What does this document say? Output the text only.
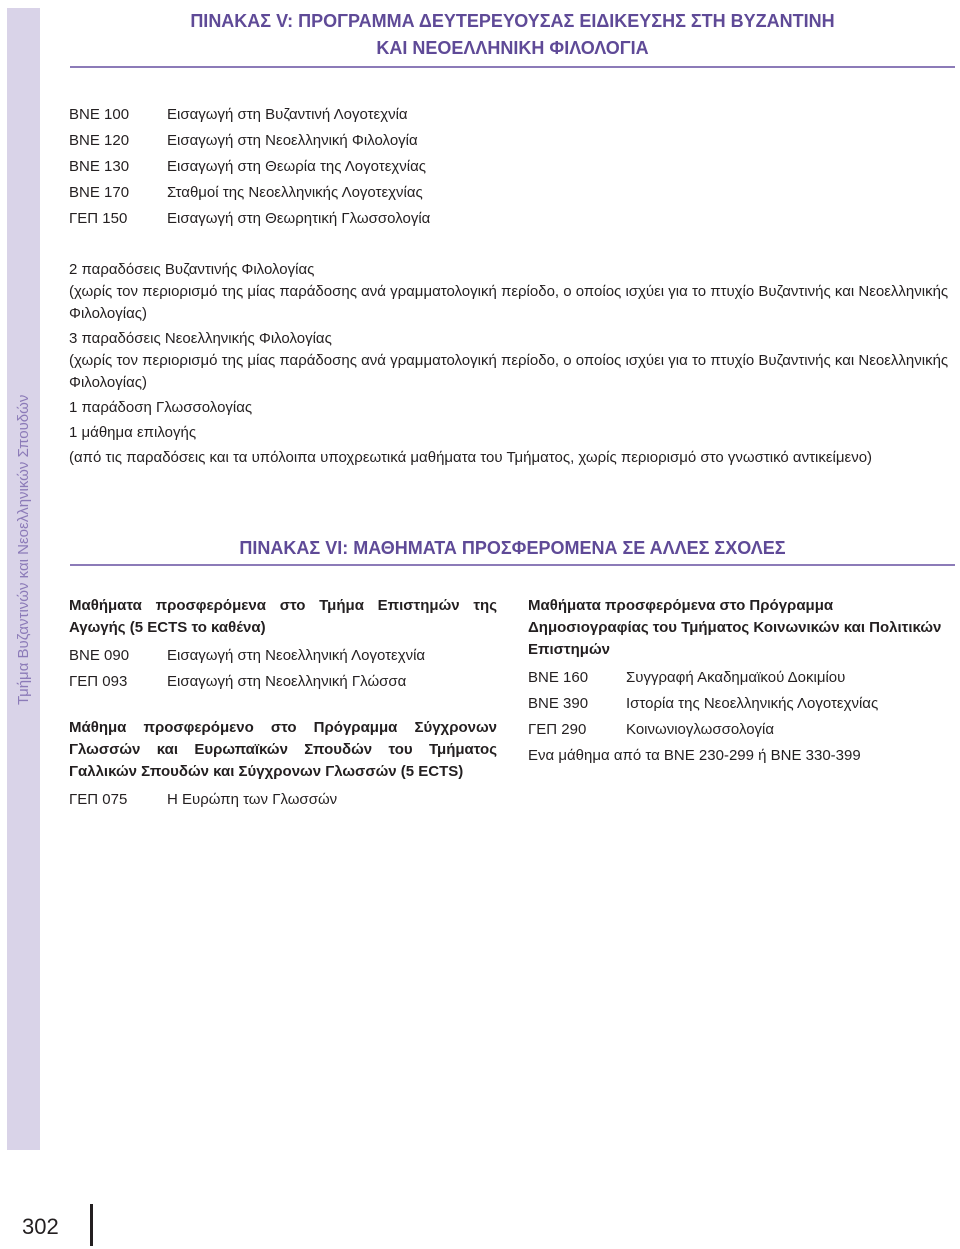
Τμήμα Βυζαντινών και Νεοελληνικών Σπουδών
ΠΙΝΑΚΑΣ V: ΠΡΟΓΡΑΜΜΑ ΔΕΥΤΕΡΕΥΟΥΣΑΣ ΕΙΔΙΚΕΥΣΗΣ ΣΤΗ ΒΥΖΑΝΤΙΝΗ
ΚΑΙ ΝΕΟΕΛΛΗΝΙΚΗ ΦΙΛΟΛΟΓΙΑ
ΒΝΕ 100	Εισαγωγή στη Βυζαντινή Λογοτεχνία
ΒΝΕ 120	Εισαγωγή στη Νεοελληνική Φιλολογία
ΒΝΕ 130	Εισαγωγή στη Θεωρία της Λογοτεχνίας
ΒΝΕ 170	Σταθμοί της Νεοελληνικής Λογοτεχνίας
ΓΕΠ 150	Εισαγωγή στη Θεωρητική Γλωσσολογία

2 παραδόσεις Βυζαντινής Φιλολογίας

(χωρίς τον περιορισμό της μίας παράδοσης ανά γραμματολογική περίοδο, ο οποίος ισχύει για το πτυχίο Βυζαντινής και Νεοελληνικής Φιλολογίας)

3 παραδόσεις Νεοελληνικής Φιλολογίας

(χωρίς τον περιορισμό της μίας παράδοσης ανά γραμματολογική περίοδο, ο οποίος ισχύει για το πτυχίο Βυζαντινής και Νεοελληνικής Φιλολογίας)

1 παράδοση Γλωσσολογίας

1 μάθημα επιλογής

(από τις παραδόσεις και τα υπόλοιπα υποχρεωτικά μαθήματα του Τμήματος, χωρίς περιορισμό στο γνωστικό αντικείμενο)

ΠΙΝΑΚΑΣ VI: ΜΑΘΗΜΑΤΑ ΠΡΟΣΦΕΡΟΜΕΝΑ ΣΕ ΑΛΛΕΣ ΣΧΟΛΕΣ

Μαθήματα προσφερόμενα στο Τμήμα Επιστημών της Αγωγής (5 ECTS το καθένα)

ΒΝΕ 090	Εισαγωγή στη Νεοελληνική Λογοτεχνία
ΓΕΠ 093	Εισαγωγή στη Νεοελληνική Γλώσσα

Μάθημα προσφερόμενο στο Πρόγραμμα Σύγχρονων Γλωσσών και Ευρωπαϊκών Σπουδών του Τμήματος Γαλλικών Σπουδών και Σύγχρονων Γλωσσών (5 ECTS)

ΓΕΠ 075	Η Ευρώπη των Γλωσσών

Μαθήματα προσφερόμενα στο Πρόγραμμα Δημοσιογραφίας του Τμήματος Κοινωνικών και Πολιτικών Επιστημών

ΒΝΕ 160	Συγγραφή Ακαδημαϊκού Δοκιμίου
ΒΝΕ 390	Ιστορία της Νεοελληνικής Λογοτεχνίας
ΓΕΠ 290	Κοινωνιογλωσσολογία
Ενα μάθημα από τα ΒΝΕ 230-299 ή ΒΝΕ 330-399
302
